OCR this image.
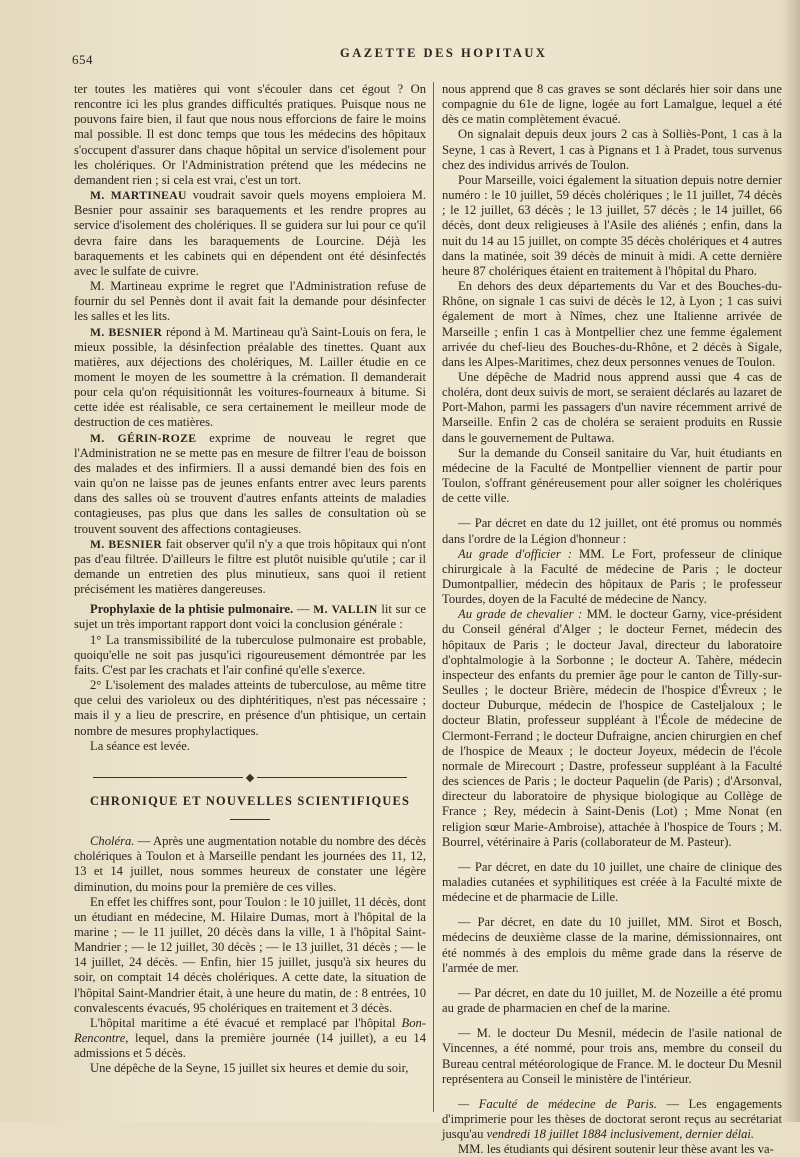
654	GAZETTE DES HOPITAUX

ter toutes les matières qui vont s'écouler dans cet égout ? On rencontre ici les plus grandes difficultés pratiques. Puisque nous ne pouvons faire bien, il faut que nous nous efforcions de faire le moins mal possible. Il est donc temps que tous les médecins des hôpitaux s'occupent d'assurer dans chaque hôpital un service d'isolement pour les cholériques. Or l'Administration prétend que les médecins ne demandent rien ; si cela est vrai, c'est un tort.

M. MARTINEAU voudrait savoir quels moyens emploiera M. Besnier pour assainir ses baraquements et les rendre propres au service d'isolement des cholériques. Il se guidera sur lui pour ce qu'il devra faire dans les baraquements de Lourcine. Déjà les baraquements et les cabinets qui en dépendent ont été désinfectés avec le sulfate de cuivre.

M. Martineau exprime le regret que l'Administration refuse de fournir du sel Pennès dont il avait fait la demande pour désinfecter les salles et les lits.

M. BESNIER répond à M. Martineau qu'à Saint-Louis on fera, le mieux possible, la désinfection préalable des tinettes. Quant aux matières, aux déjections des cholériques, M. Lailler étudie en ce moment le moyen de les soumettre à la crémation. Il demanderait pour cela qu'on réquisitionnât les voitures-fourneaux à bitume. Si cette idée est réalisable, ce sera certainement le meilleur mode de destruction de ces matières.

M. GÉRIN-ROZE exprime de nouveau le regret que l'Administration ne se mette pas en mesure de filtrer l'eau de boisson des malades et des infirmiers. Il a aussi demandé bien des fois en vain qu'on ne laisse pas de jeunes enfants entrer avec leurs parents dans des salles où se trouvent d'autres enfants atteints de maladies contagieuses, pas plus que dans les salles de consultation où se trouvent souvent des affections contagieuses.

M. BESNIER fait observer qu'il n'y a que trois hôpitaux qui n'ont pas d'eau filtrée. D'ailleurs le filtre est plutôt nuisible qu'utile ; car il demande un entretien des plus minutieux, sans quoi il retient précisément les matières dangereuses.

Prophylaxie de la phtisie pulmonaire. — M. VALLIN lit sur ce sujet un très important rapport dont voici la conclusion générale :

1° La transmissibilité de la tuberculose pulmonaire est probable, quoiqu'elle ne soit pas jusqu'ici rigoureusement démontrée par les faits. C'est par les crachats et l'air confiné qu'elle s'exerce.

2° L'isolement des malades atteints de tuberculose, au même titre que celui des varioleux ou des diphtéritiques, n'est pas nécessaire ; mais il y a lieu de prescrire, en présence d'un phtisique, un certain nombre de mesures prophylactiques.

La séance est levée.

CHRONIQUE ET NOUVELLES SCIENTIFIQUES

Choléra. — Après une augmentation notable du nombre des décès cholériques à Toulon et à Marseille pendant les journées des 11, 12, 13 et 14 juillet, nous sommes heureux de constater une légère diminution, du moins pour la première de ces villes.

En effet les chiffres sont, pour Toulon : le 10 juillet, 11 décès, dont un étudiant en médecine, M. Hilaire Dumas, mort à l'hôpital de la marine ; — le 11 juillet, 20 décès dans la ville, 1 à l'hôpital Saint-Mandrier ; — le 12 juillet, 30 décès ; — le 13 juillet, 31 décès ; — le 14 juillet, 24 décès. — Enfin, hier 15 juillet, jusqu'à six heures du soir, on comptait 14 décès cholériques. A cette date, la situation de l'hôpital Saint-Mandrier était, à une heure du matin, de : 8 entrées, 10 convalescents évacués, 95 cholériques en traitement et 3 décès.

L'hôpital maritime a été évacué et remplacé par l'hôpital Bon-Rencontre, lequel, dans la première journée (14 juillet), a eu 14 admissions et 5 décès.

Une dépêche de la Seyne, 15 juillet six heures et demie du soir,

nous apprend que 8 cas graves se sont déclarés hier soir dans une compagnie du 61e de ligne, logée au fort Lamalgue, lequel a été dès ce matin complètement évacué.

On signalait depuis deux jours 2 cas à Solliès-Pont, 1 cas à la Seyne, 1 cas à Revert, 1 cas à Pignans et 1 à Pradet, tous survenus chez des individus arrivés de Toulon.

Pour Marseille, voici également la situation depuis notre dernier numéro : le 10 juillet, 59 décès cholériques ; le 11 juillet, 74 décès ; le 12 juillet, 63 décès ; le 13 juillet, 57 décès ; le 14 juillet, 66 décès, dont deux religieuses à l'Asile des aliénés ; enfin, dans la nuit du 14 au 15 juillet, on compte 35 décès cholériques et 4 autres dans la matinée, soit 39 décès de minuit à midi. A cette dernière heure 87 cholériques étaient en traitement à l'hôpital du Pharo.

En dehors des deux départements du Var et des Bouches-du-Rhône, on signale 1 cas suivi de décès le 12, à Lyon ; 1 cas suivi également de mort à Nîmes, chez une Italienne arrivée de Marseille ; enfin 1 cas à Montpellier chez une femme également arrivée du chef-lieu des Bouches-du-Rhône, et 2 décès à Sigale, dans les Alpes-Maritimes, chez deux personnes venues de Toulon.

Une dépêche de Madrid nous apprend aussi que 4 cas de choléra, dont deux suivis de mort, se seraient déclarés au lazaret de Port-Mahon, parmi les passagers d'un navire récemment arrivé de Marseille. Enfin 2 cas de choléra se seraient produits en Russie dans le gouvernement de Pultawa.

Sur la demande du Conseil sanitaire du Var, huit étudiants en médecine de la Faculté de Montpellier viennent de partir pour Toulon, s'offrant généreusement pour aller soigner les cholériques de cette ville.

— Par décret en date du 12 juillet, ont été promus ou nommés dans l'ordre de la Légion d'honneur :

Au grade d'officier : MM. Le Fort, professeur de clinique chirurgicale à la Faculté de médecine de Paris ; le docteur Dumontpallier, médecin des hôpitaux de Paris ; le professeur Tourdes, doyen de la Faculté de médecine de Nancy.

Au grade de chevalier : MM. le docteur Garny, vice-président du Conseil général d'Alger ; le docteur Fernet, médecin des hôpitaux de Paris ; le docteur Javal, directeur du laboratoire d'ophtalmologie à la Sorbonne ; le docteur A. Tahère, médecin inspecteur des enfants du premier âge pour le canton de Tilly-sur-Seulles ; le docteur Brière, médecin de l'hospice d'Évreux ; le docteur Duburque, médecin de l'hospice de Casteljaloux ; le docteur Blatin, professeur suppléant à l'École de médecine de Clermont-Ferrand ; le docteur Dufraigne, ancien chirurgien en chef de l'hospice de Meaux ; le docteur Joyeux, médecin de l'école normale de Mirecourt ; Dastre, professeur suppléant à la Faculté des sciences de Paris ; le docteur Paquelin (de Paris) ; d'Arsonval, directeur du laboratoire de physique biologique au Collège de France ; Rey, médecin à Saint-Denis (Lot) ; Mme Nonat (en religion sœur Marie-Ambroise), attachée à l'hospice de Tours ; M. Bourrel, vétérinaire à Paris (collaborateur de M. Pasteur).

— Par décret, en date du 10 juillet, une chaire de clinique des maladies cutanées et syphilitiques est créée à la Faculté mixte de médecine et de pharmacie de Lille.

— Par décret, en date du 10 juillet, MM. Sirot et Bosch, médecins de deuxième classe de la marine, démissionnaires, ont été nommés à des emplois du même grade dans la réserve de l'armée de mer.

— Par décret, en date du 10 juillet, M. de Nozeille a été promu au grade de pharmacien en chef de la marine.

— M. le docteur Du Mesnil, médecin de l'asile national de Vincennes, a été nommé, pour trois ans, membre du conseil du Bureau central météorologique de France. M. le docteur Du Mesnil représentera au Conseil le ministère de l'intérieur.

— Faculté de médecine de Paris. — Les engagements d'imprimerie pour les thèses de doctorat seront reçus au secrétariat jusqu'au vendredi 18 juillet 1884 inclusivement, dernier délai.

MM. les étudiants qui désirent soutenir leur thèse avant les va-
